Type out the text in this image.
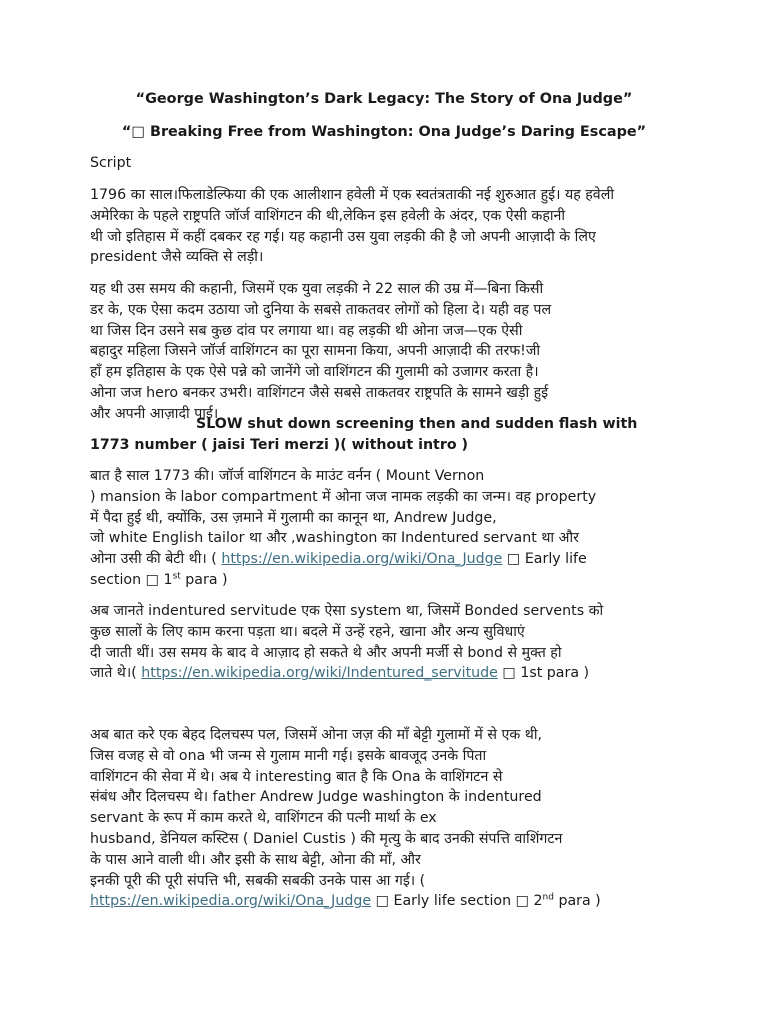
“George Washington’s Dark Legacy: The Story of Ona Judge”
“□ Breaking Free from Washington: Ona Judge’s Daring Escape”
Script
1796 का साल।फिलाडेल्फिया की एक आलीशान हवेली में एक स्वतंत्रताकी नई शुरुआत हुई। यह हवेली
अमेरिका के पहले राष्ट्रपति जॉर्ज वाशिंगटन की थी,लेकिन इस हवेली के अंदर, एक ऐसी कहानी
थी जो इतिहास में कहीं दबकर रह गई। यह कहानी उस युवा लड़की की है जो अपनी आज़ादी के लिए
president जैसे व्यक्ति से लड़ी।
यह थी उस समय की कहानी, जिसमें एक युवा लड़की ने 22 साल की उम्र में—बिना किसी
डर के, एक ऐसा कदम उठाया जो दुनिया के सबसे ताकतवर लोगों को हिला दे। यही वह पल
था जिस दिन उसने सब कुछ दांव पर लगाया था। वह लड़की थी ओना जज—एक ऐसी
बहादुर महिला जिसने जॉर्ज वाशिंगटन का पूरा सामना किया, अपनी आज़ादी की तरफ!जी
हाँ हम इतिहास के एक ऐसे पन्ने को जानेंगे जो वाशिंगटन की गुलामी को उजागर करता है।
ओना जज hero बनकर उभरी। वाशिंगटन जैसे सबसे ताकतवर राष्ट्रपति के सामने खड़ी हुई
और अपनी आज़ादी पाई।
SLOW shut down screening then and sudden flash with
1773 number ( jaisi Teri merzi )( without intro )
बात है साल 1773 की। जॉर्ज वाशिंगटन के माउंट वर्नन ( Mount Vernon
) mansion के labor compartment में ओना जज नामक लड़की का जन्म। वह property
में पैदा हुई थी, क्योंकि, उस ज़माने में गुलामी का कानून था, Andrew Judge,
जो white English tailor था और ,washington का Indentured servant था और
ओना उसी की बेटी थी। ( https://en.wikipedia.org/wiki/Ona_Judge □ Early life
section □ 1st para )
अब जानते indentured servitude एक ऐसा system था, जिसमें Bonded servents को
कुछ सालों के लिए काम करना पड़ता था। बदले में उन्हें रहने, खाना और अन्य सुविधाएं
दी जाती थीं। उस समय के बाद वे आज़ाद हो सकते थे और अपनी मर्जी से bond से मुक्त हो
जाते थे।( https://en.wikipedia.org/wiki/Indentured_servitude □ 1st para )
अब बात करे एक बेहद दिलचस्प पल, जिसमें ओना जज़ की माँ बेट्टी गुलामों में से एक थी,
जिस वजह से वो ona भी जन्म से गुलाम मानी गई। इसके बावजूद उनके पिता
वाशिंगटन की सेवा में थे। अब ये interesting बात है कि Ona के वाशिंगटन से
संबंध और दिलचस्प थे। father Andrew Judge washington के indentured
servant के रूप में काम करते थे, वाशिंगटन की पत्नी मार्था के ex
husband, डेनियल कस्टिस ( Daniel Custis ) की मृत्यु के बाद उनकी संपत्ति वाशिंगटन
के पास आने वाली थी। और इसी के साथ बेट्टी, ओना की माँ, और
इनकी पूरी की पूरी संपत्ति भी, सबकी सबकी उनके पास आ गई। (
https://en.wikipedia.org/wiki/Ona_Judge □ Early life section □ 2nd para )
